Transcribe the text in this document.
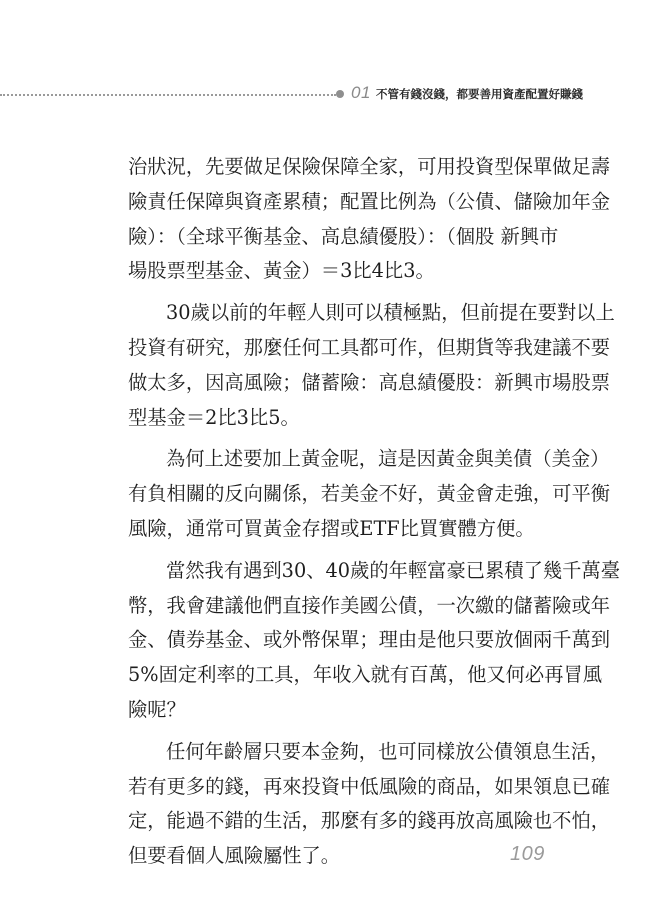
01 不管有錢沒錢，都要善用資產配置好賺錢
治狀況，先要做足保險保障全家，可用投資型保單做足壽
險責任保障與資產累積；配置比例為（公債、儲險加年金
險）：（全球平衡基金、高息績優股）：（個股 新興市
場股票型基金、黃金）＝3比4比3。
30歲以前的年輕人則可以積極點，但前提在要對以上
投資有研究，那麼任何工具都可作，但期貨等我建議不要
做太多，因高風險；儲蓄險：高息績優股：新興市場股票
型基金＝2比3比5。
為何上述要加上黃金呢，這是因黃金與美債（美金）
有負相關的反向關係，若美金不好，黃金會走強，可平衡
風險，通常可買黃金存摺或ETF比買實體方便。
當然我有遇到30、40歲的年輕富豪已累積了幾千萬臺
幣，我會建議他們直接作美國公債，一次繳的儲蓄險或年
金、債券基金、或外幣保單；理由是他只要放個兩千萬到
5%固定利率的工具，年收入就有百萬，他又何必再冒風
險呢？
任何年齡層只要本金夠，也可同樣放公債領息生活，
若有更多的錢，再來投資中低風險的商品，如果領息已確
定，能過不錯的生活，那麼有多的錢再放高風險也不怕，
但要看個人風險屬性了。	109
